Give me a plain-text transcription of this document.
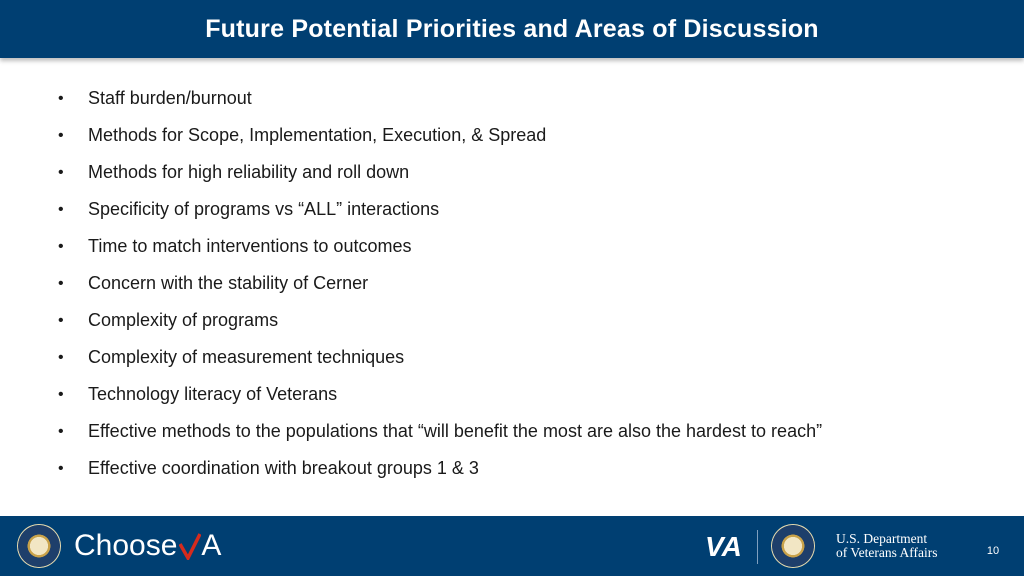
Future Potential Priorities and Areas of Discussion
•	Staff burden/burnout
•	Methods for Scope, Implementation, Execution, & Spread
•	Methods for high reliability and roll down
•	Specificity of programs vs “ALL” interactions
•	Time to match interventions to outcomes
•	Concern with the stability of Cerner
•	Complexity of programs
•	Complexity of measurement techniques
•	Technology literacy of Veterans
•	Effective methods to the populations that “will benefit the most are also the hardest to reach”
•	Effective coordination with breakout groups 1 & 3
Choose A	VA	U.S. Department
of Veterans Affairs	10
